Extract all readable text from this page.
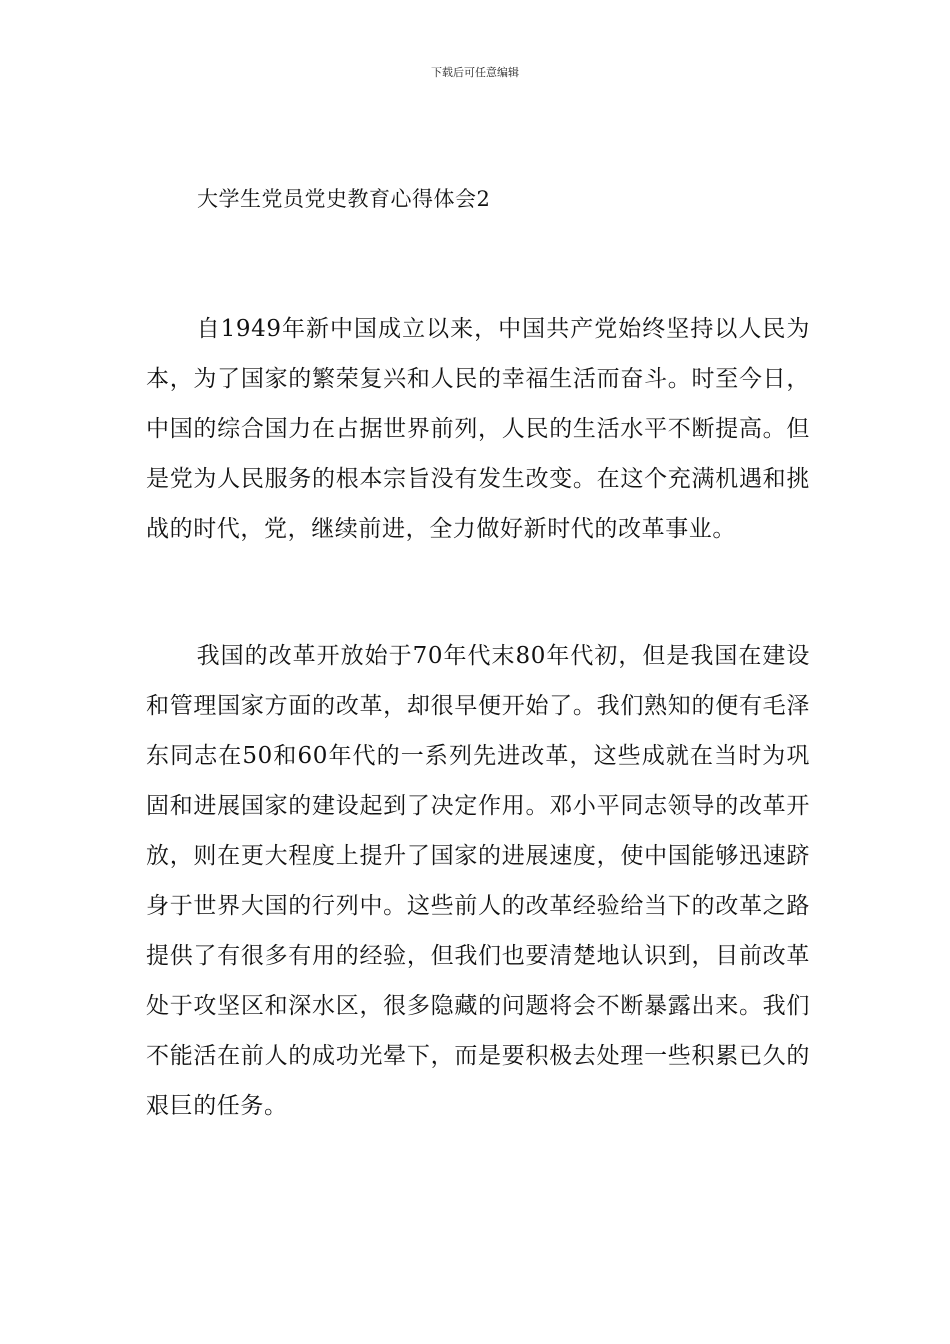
下载后可任意编辑
大学生党员党史教育心得体会2

自1949年新中国成立以来，中国共产党始终坚持以人民为本，为了国家的繁荣复兴和人民的幸福生活而奋斗。时至今日，中国的综合国力在占据世界前列，人民的生活水平不断提高。但是党为人民服务的根本宗旨没有发生改变。在这个充满机遇和挑战的时代，党，继续前进，全力做好新时代的改革事业。

我国的改革开放始于70年代末80年代初，但是我国在建设和管理国家方面的改革，却很早便开始了。我们熟知的便有毛泽东同志在50和60年代的一系列先进改革，这些成就在当时为巩固和进展国家的建设起到了决定作用。邓小平同志领导的改革开放，则在更大程度上提升了国家的进展速度，使中国能够迅速跻身于世界大国的行列中。这些前人的改革经验给当下的改革之路提供了有很多有用的经验，但我们也要清楚地认识到，目前改革处于攻坚区和深水区，很多隐藏的问题将会不断暴露出来。我们不能活在前人的成功光晕下，而是要积极去处理一些积累已久的艰巨的任务。
